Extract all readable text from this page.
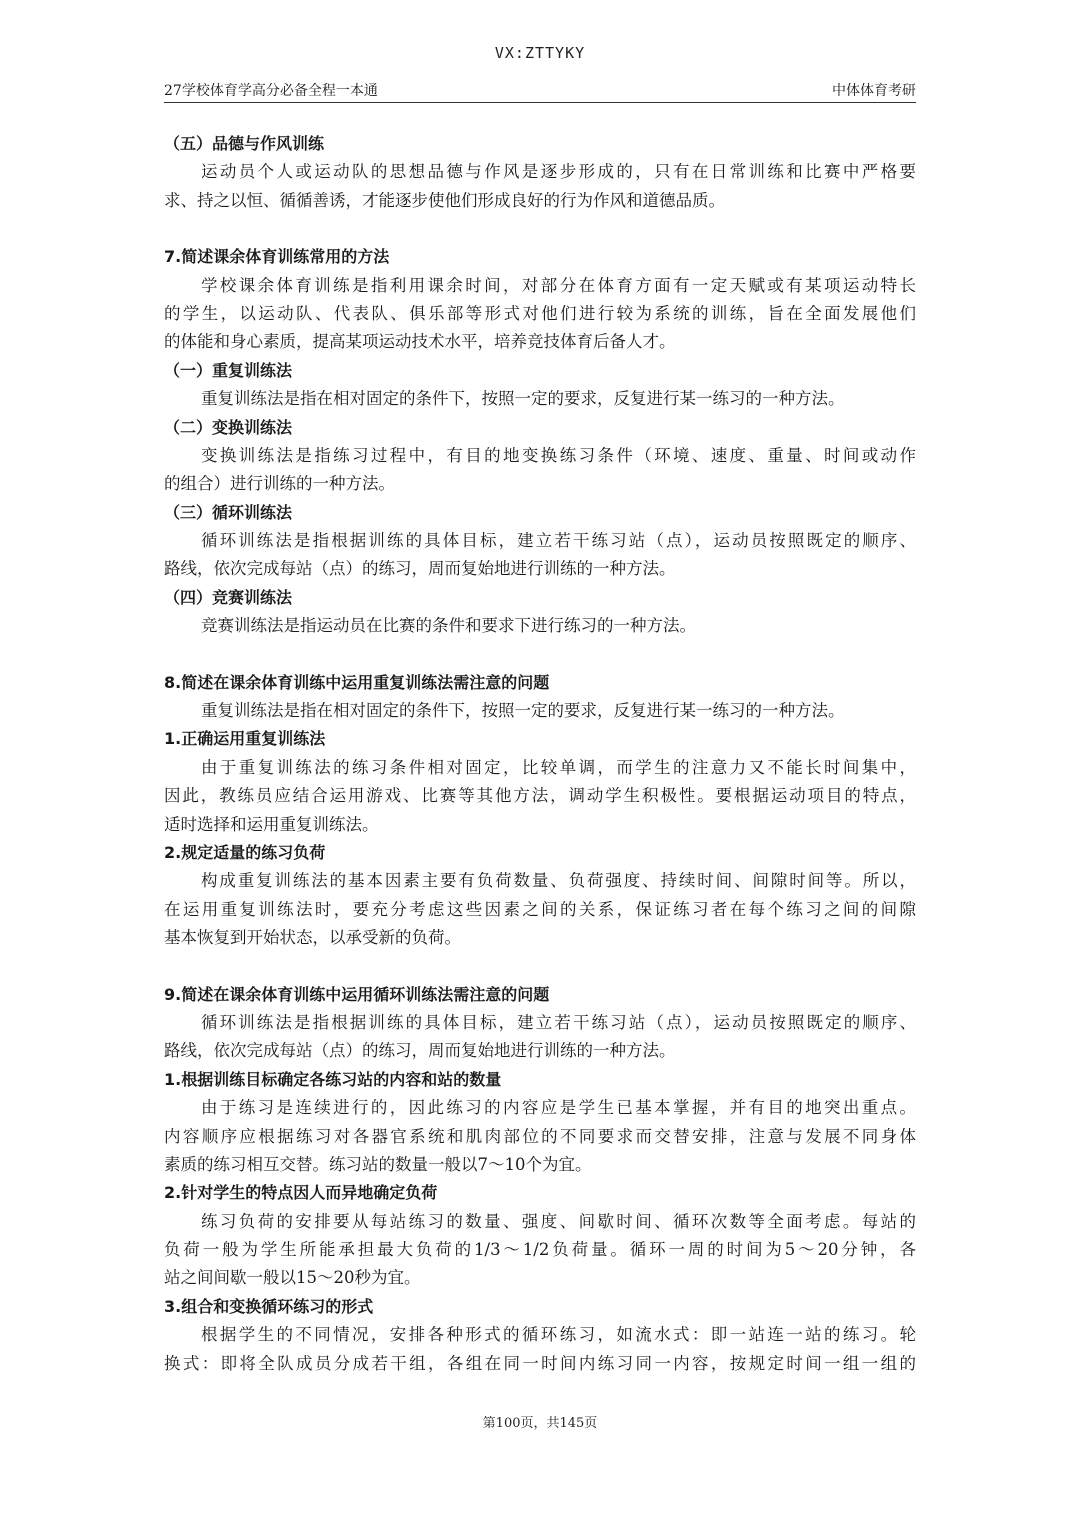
VX:ZTTYKY
27学校体育学高分必备全程一本通	中体体育考研
（五）品德与作风训练
运动员个人或运动队的思想品德与作风是逐步形成的，只有在日常训练和比赛中严格要
求、持之以恒、循循善诱，才能逐步使他们形成良好的行为作风和道德品质。
7.简述课余体育训练常用的方法
学校课余体育训练是指利用课余时间，对部分在体育方面有一定天赋或有某项运动特长
的学生，以运动队、代表队、俱乐部等形式对他们进行较为系统的训练，旨在全面发展他们
的体能和身心素质，提高某项运动技术水平，培养竞技体育后备人才。
（一）重复训练法
重复训练法是指在相对固定的条件下，按照一定的要求，反复进行某一练习的一种方法。
（二）变换训练法
变换训练法是指练习过程中，有目的地变换练习条件（环境、速度、重量、时间或动作
的组合）进行训练的一种方法。
（三）循环训练法
循环训练法是指根据训练的具体目标，建立若干练习站（点），运动员按照既定的顺序、
路线，依次完成每站（点）的练习，周而复始地进行训练的一种方法。
（四）竞赛训练法
竞赛训练法是指运动员在比赛的条件和要求下进行练习的一种方法。
8.简述在课余体育训练中运用重复训练法需注意的问题
重复训练法是指在相对固定的条件下，按照一定的要求，反复进行某一练习的一种方法。
1.正确运用重复训练法
由于重复训练法的练习条件相对固定，比较单调，而学生的注意力又不能长时间集中，
因此，教练员应结合运用游戏、比赛等其他方法，调动学生积极性。要根据运动项目的特点，
适时选择和运用重复训练法。
2.规定适量的练习负荷
构成重复训练法的基本因素主要有负荷数量、负荷强度、持续时间、间隙时间等。所以，
在运用重复训练法时，要充分考虑这些因素之间的关系，保证练习者在每个练习之间的间隙
基本恢复到开始状态，以承受新的负荷。
9.简述在课余体育训练中运用循环训练法需注意的问题
循环训练法是指根据训练的具体目标，建立若干练习站（点），运动员按照既定的顺序、
路线，依次完成每站（点）的练习，周而复始地进行训练的一种方法。
1.根据训练目标确定各练习站的内容和站的数量
由于练习是连续进行的，因此练习的内容应是学生已基本掌握，并有目的地突出重点。
内容顺序应根据练习对各器官系统和肌肉部位的不同要求而交替安排，注意与发展不同身体
素质的练习相互交替。练习站的数量一般以7～10个为宜。
2.针对学生的特点因人而异地确定负荷
练习负荷的安排要从每站练习的数量、强度、间歇时间、循环次数等全面考虑。每站的
负荷一般为学生所能承担最大负荷的1/3～1/2负荷量。循环一周的时间为5～20分钟，各
站之间间歇一般以15～20秒为宜。
3.组合和变换循环练习的形式
根据学生的不同情况，安排各种形式的循环练习，如流水式：即一站连一站的练习。轮
换式：即将全队成员分成若干组，各组在同一时间内练习同一内容，按规定时间一组一组的
第100页，共145页
